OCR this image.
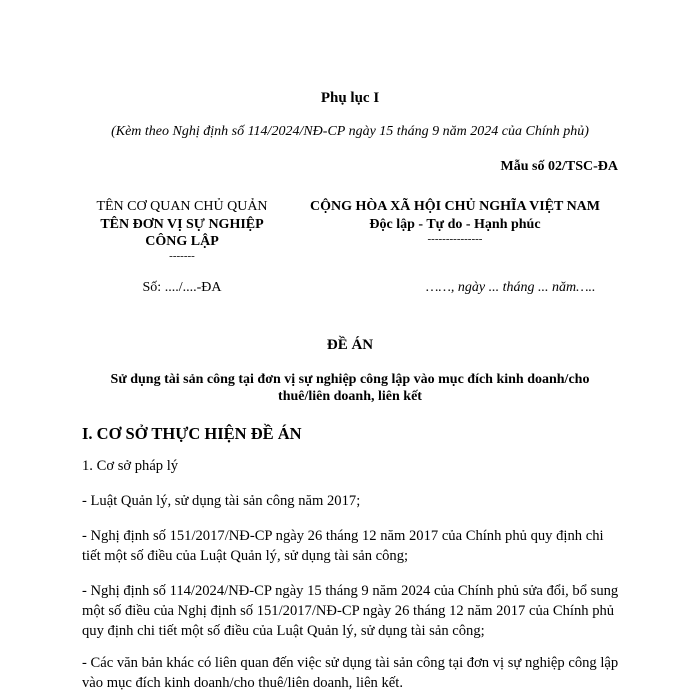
Phụ lục I
(Kèm theo Nghị định số 114/2024/NĐ-CP ngày 15 tháng 9 năm 2024 của Chính phủ)
Mẫu số 02/TSC-ĐA
TÊN CƠ QUAN CHỦ QUẢN
TÊN ĐƠN VỊ SỰ NGHIỆP
CÔNG LẬP
-------
Số: ..../....-ĐA
CỘNG HÒA XÃ HỘI CHỦ NGHĨA VIỆT NAM
Độc lập - Tự do - Hạnh phúc
---------------
……, ngày ... tháng ... năm…..
ĐỀ ÁN
Sử dụng tài sản công tại đơn vị sự nghiệp công lập vào mục đích kinh doanh/cho
thuê/liên doanh, liên kết
I. CƠ SỞ THỰC HIỆN ĐỀ ÁN
1. Cơ sở pháp lý
- Luật Quản lý, sử dụng tài sản công năm 2017;
- Nghị định số 151/2017/NĐ-CP ngày 26 tháng 12 năm 2017 của Chính phủ quy định chi tiết một số điều của Luật Quản lý, sử dụng tài sản công;
- Nghị định số 114/2024/NĐ-CP ngày 15 tháng 9 năm 2024 của Chính phủ sửa đổi, bổ sung một số điều của Nghị định số 151/2017/NĐ-CP ngày 26 tháng 12 năm 2017 của Chính phủ quy định chi tiết một số điều của Luật Quản lý, sử dụng tài sản công;
- Các văn bản khác có liên quan đến việc sử dụng tài sản công tại đơn vị sự nghiệp công lập vào mục đích kinh doanh/cho thuê/liên doanh, liên kết.
